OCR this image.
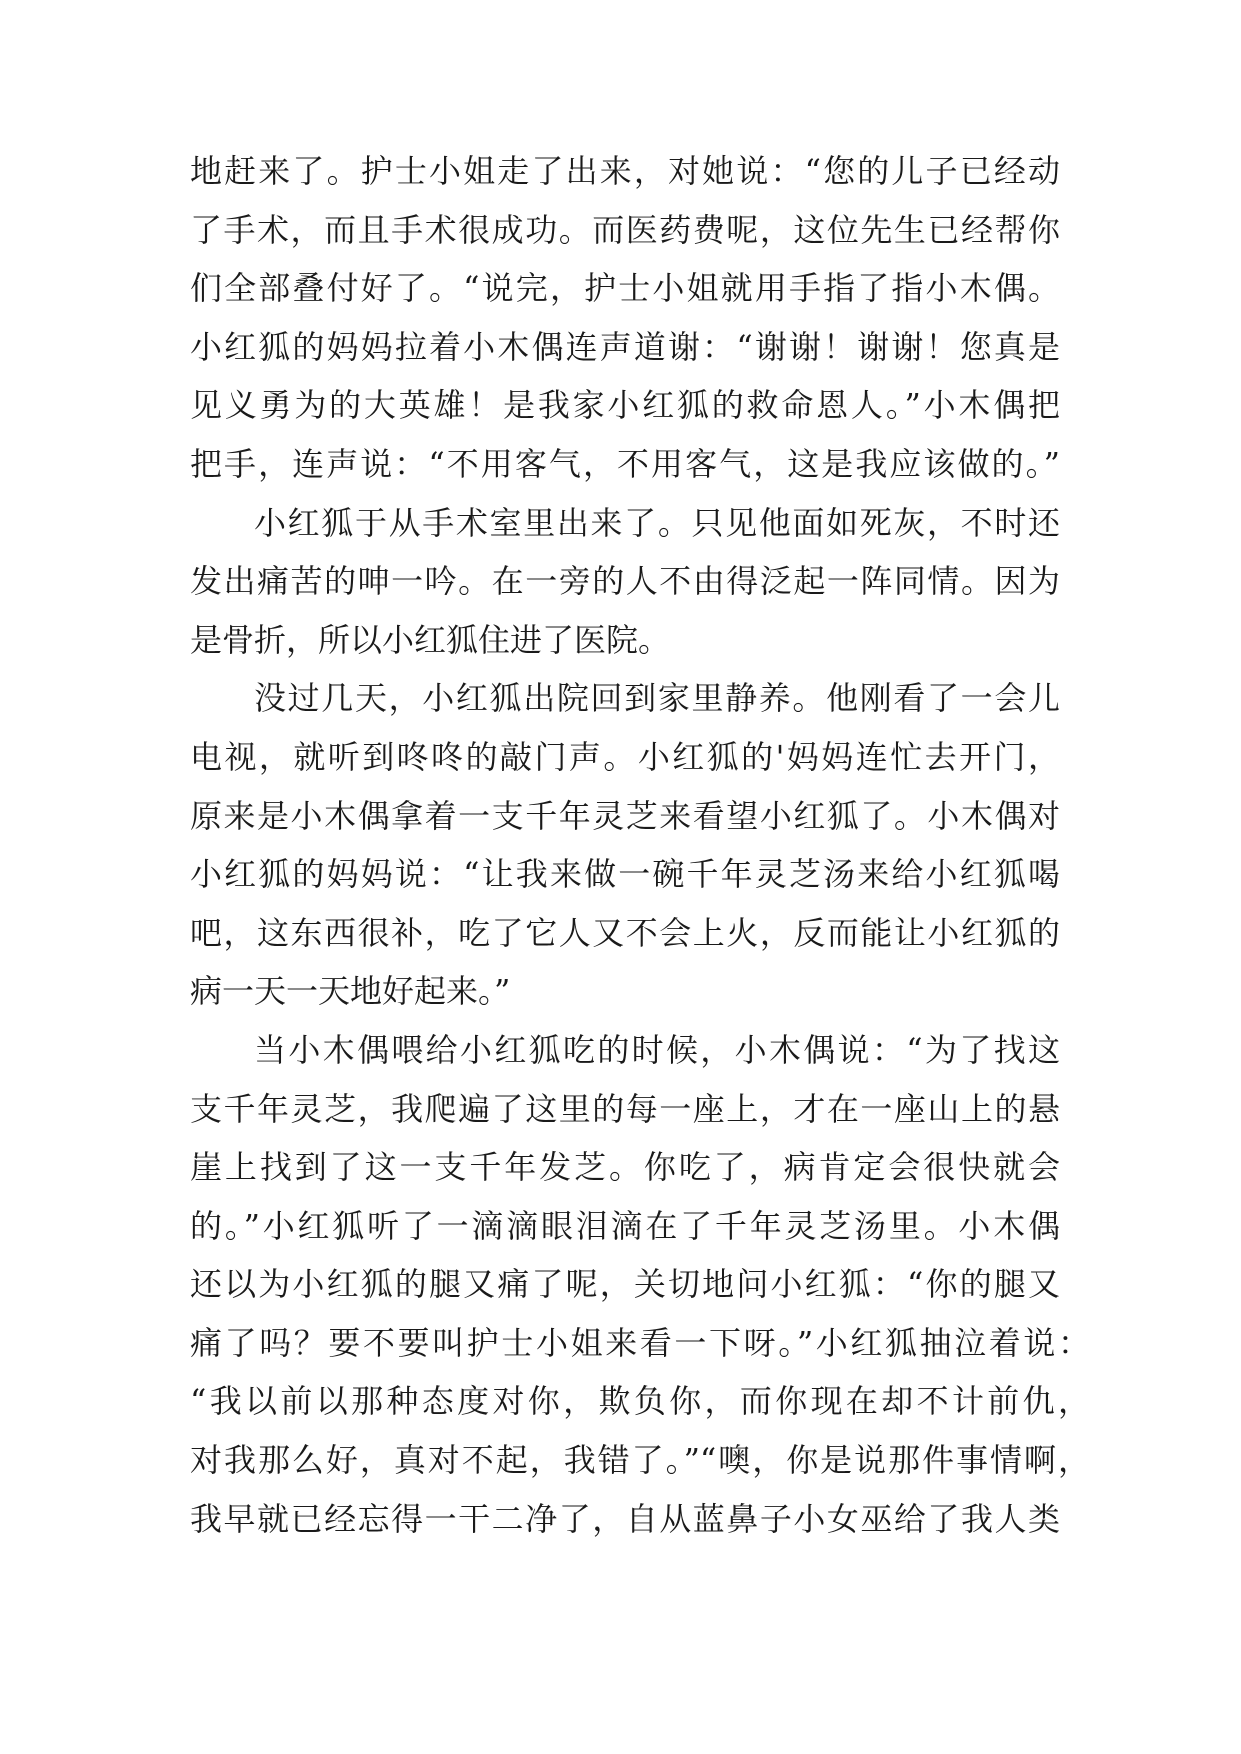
地赶来了。护士小姐走了出来，对她说：“您的儿子已经动
了手术，而且手术很成功。而医药费呢，这位先生已经帮你
们全部叠付好了。“说完，护士小姐就用手指了指小木偶。
小红狐的妈妈拉着小木偶连声道谢：“谢谢！谢谢！您真是
见义勇为的大英雄！是我家小红狐的救命恩人。”小木偶把
把手，连声说：“不用客气，不用客气，这是我应该做的。”
小红狐于从手术室里出来了。只见他面如死灰，不时还
发出痛苦的呻一吟。在一旁的人不由得泛起一阵同情。因为
是骨折，所以小红狐住进了医院。
没过几天，小红狐出院回到家里静养。他刚看了一会儿
电视，就听到咚咚的敲门声。小红狐的'妈妈连忙去开门，
原来是小木偶拿着一支千年灵芝来看望小红狐了。小木偶对
小红狐的妈妈说：“让我来做一碗千年灵芝汤来给小红狐喝
吧，这东西很补，吃了它人又不会上火，反而能让小红狐的
病一天一天地好起来。”
当小木偶喂给小红狐吃的时候，小木偶说：“为了找这
支千年灵芝，我爬遍了这里的每一座上，才在一座山上的悬
崖上找到了这一支千年发芝。你吃了，病肯定会很快就会
的。”小红狐听了一滴滴眼泪滴在了千年灵芝汤里。小木偶
还以为小红狐的腿又痛了呢，关切地问小红狐：“你的腿又
痛了吗？要不要叫护士小姐来看一下呀。”小红狐抽泣着说：
“我以前以那种态度对你，欺负你，而你现在却不计前仇，
对我那么好，真对不起，我错了。”“噢，你是说那件事情啊，
我早就已经忘得一干二净了，自从蓝鼻子小女巫给了我人类
